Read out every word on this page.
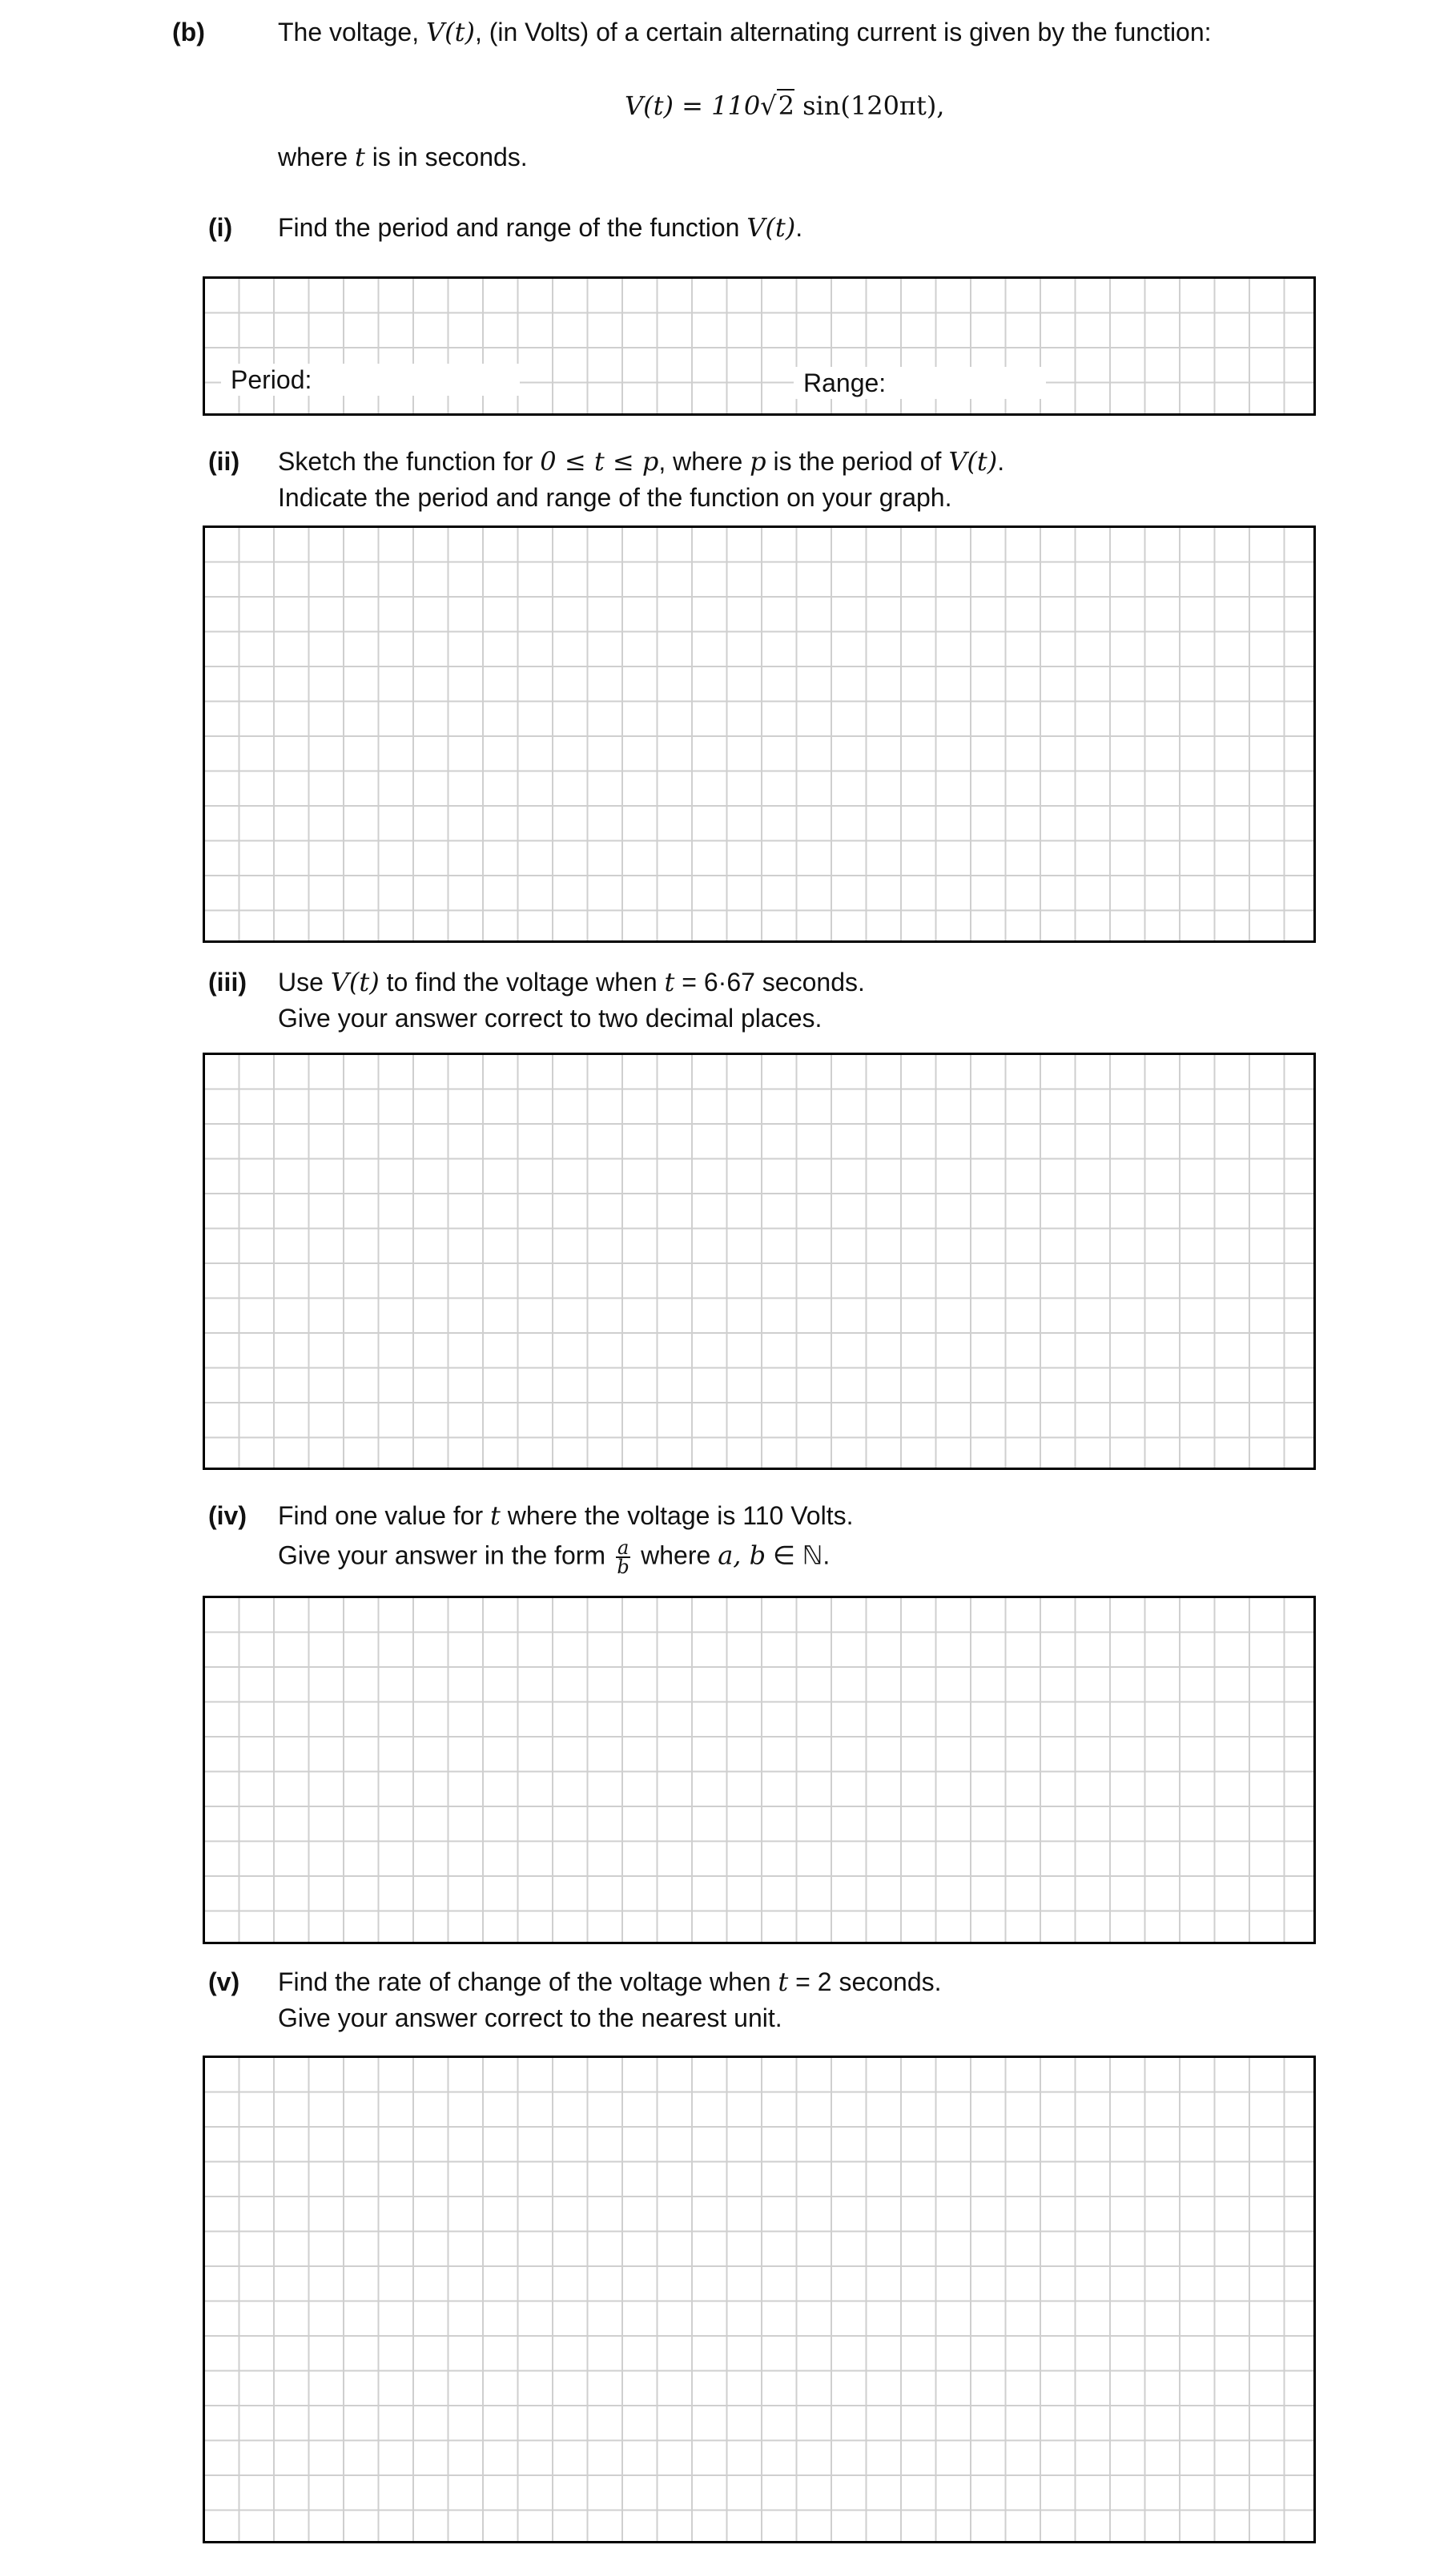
(b)	The voltage, V(t), (in Volts) of a certain alternating current is given by the function:
V(t) = 110√2 sin(120πt),
where t is in seconds.
(i) Find the period and range of the function V(t).
Period:	Range:
(ii) Sketch the function for 0 ≤ t ≤ p, where p is the period of V(t).
Indicate the period and range of the function on your graph.
(iii) Use V(t) to find the voltage when t = 6·67 seconds.
Give your answer correct to two decimal places.
(iv) Find one value for t where the voltage is 110 Volts.
Give your answer in the form $\frac{a}{b}$ where a, b ∈ ℕ.
(v) Find the rate of change of the voltage when t = 2 seconds.
Give your answer correct to the nearest unit.
